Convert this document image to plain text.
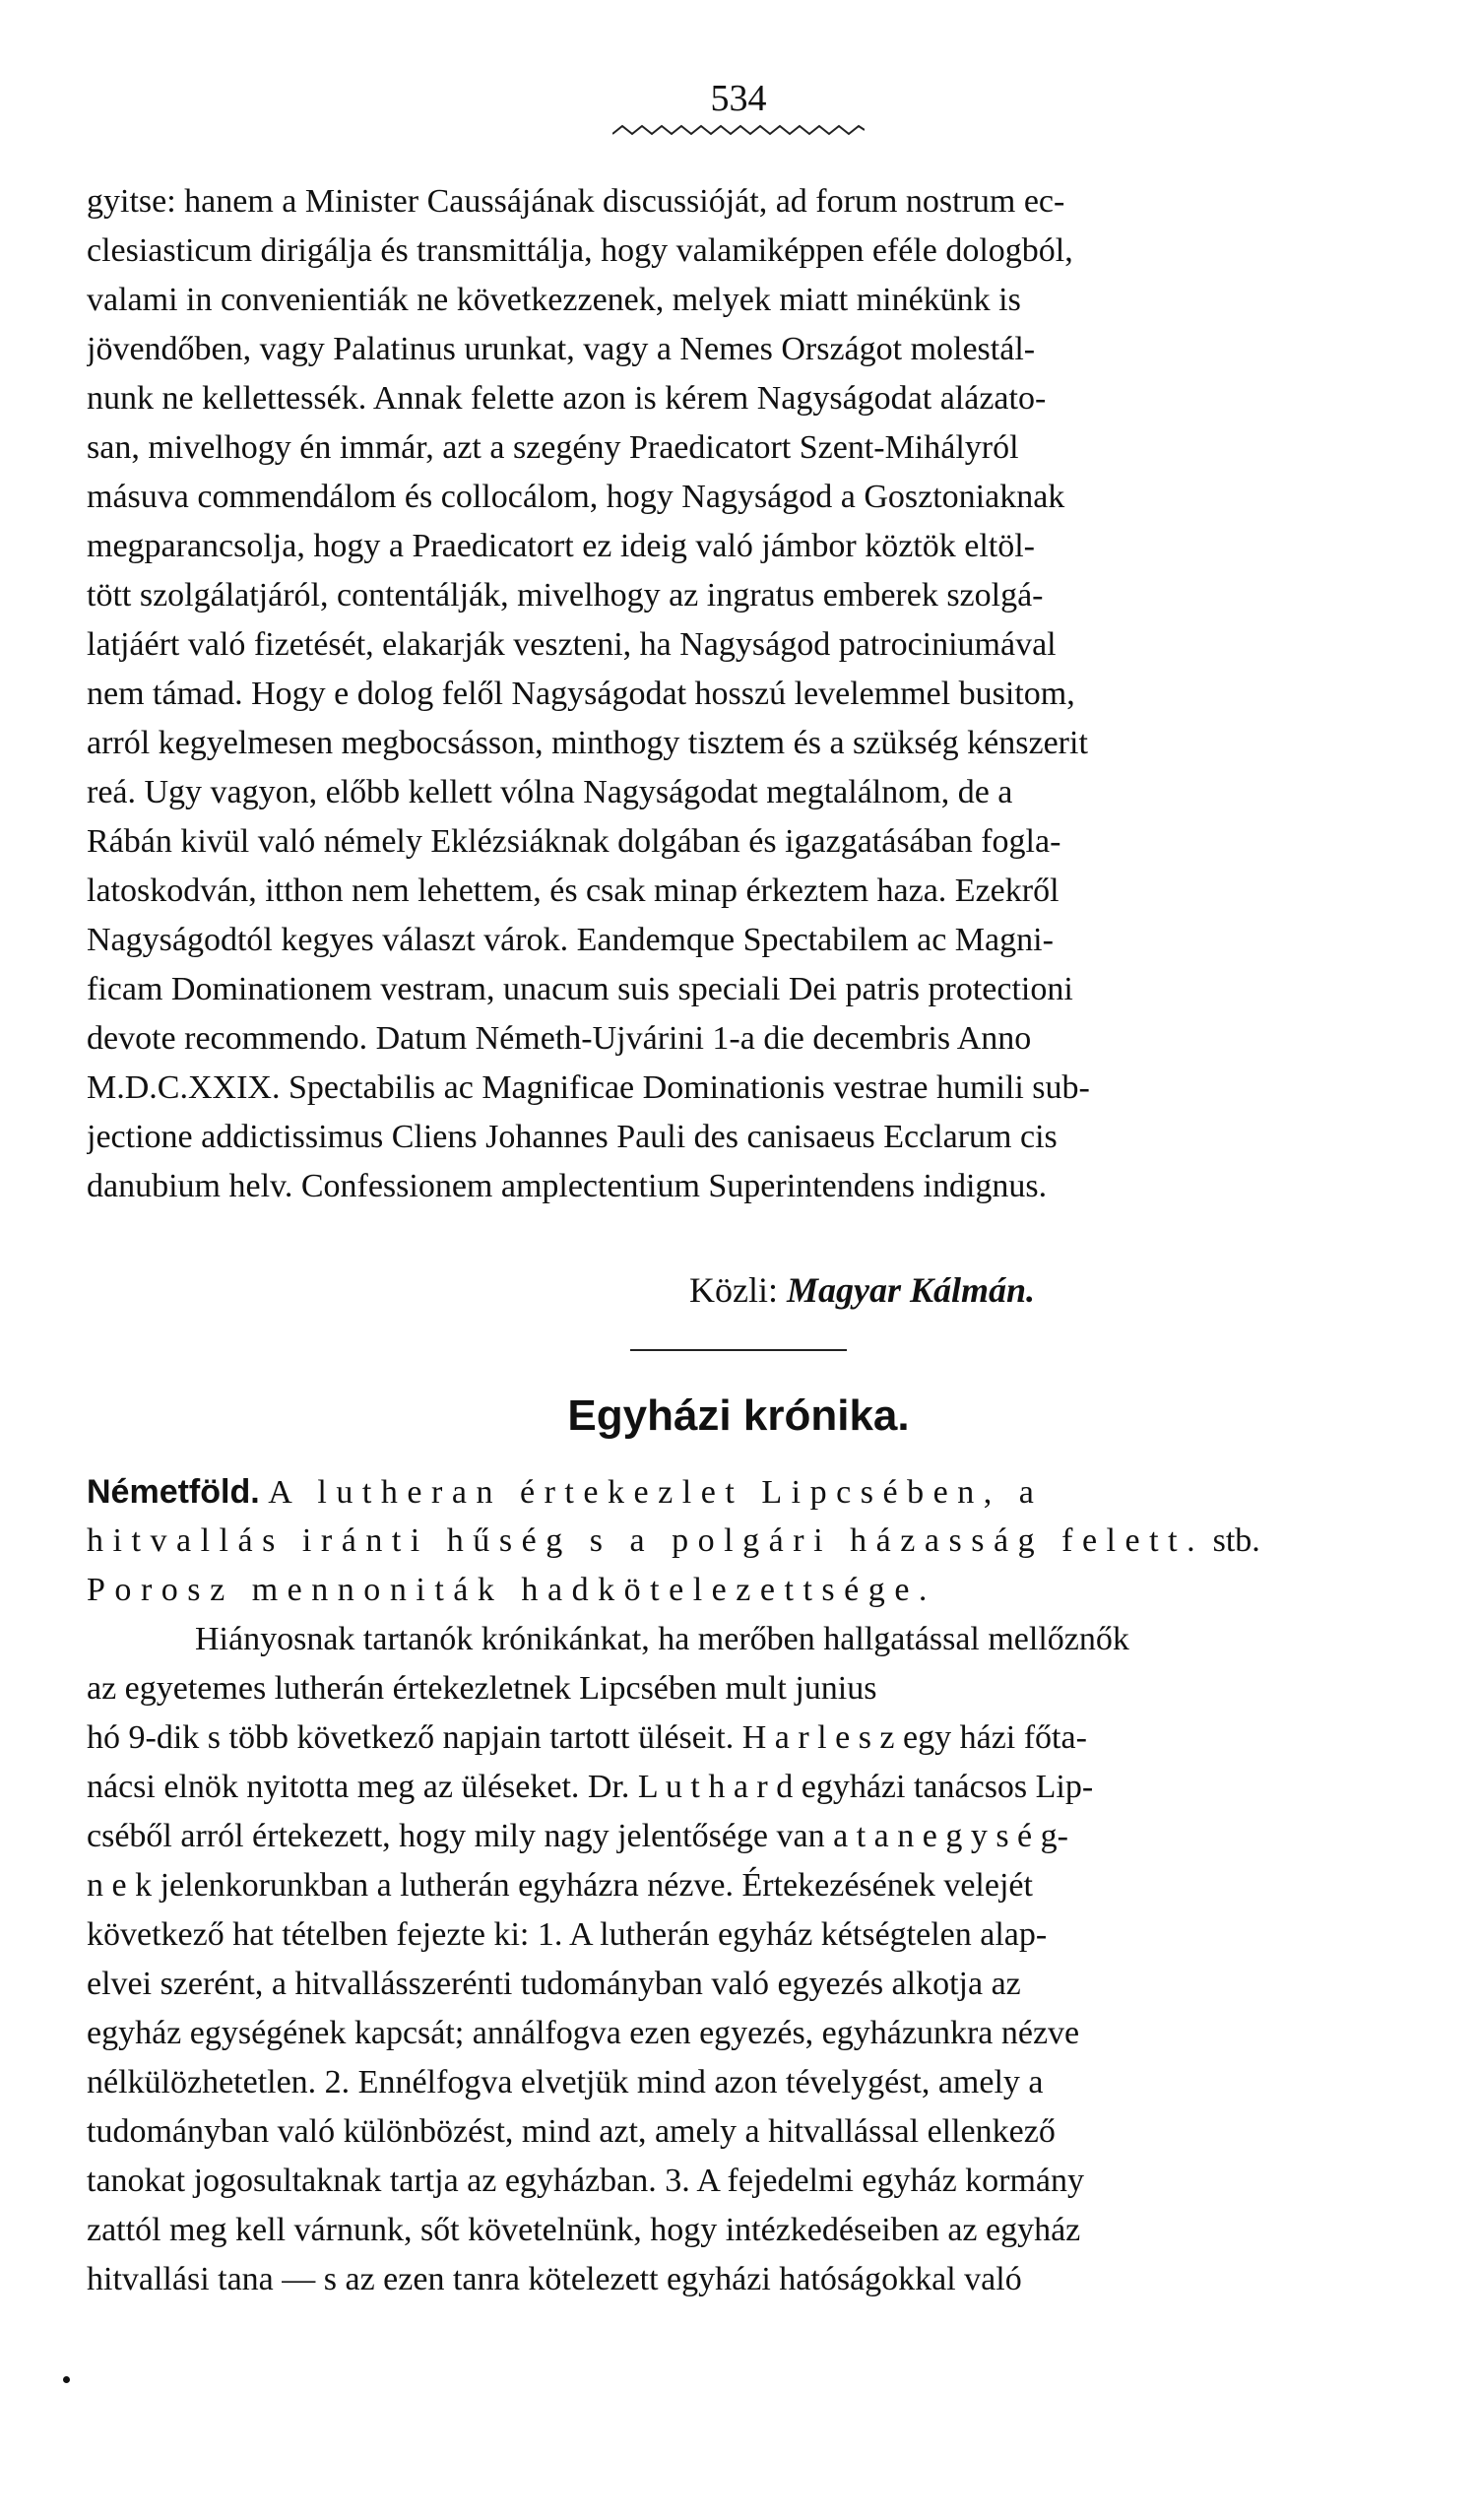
534
gyitse: hanem a Minister Caussájának discussióját, ad forum nostrum ec-
clesiasticum dirigálja és transmittálja, hogy valamiképpen eféle dologból,
valami in convenientiák ne következzenek, melyek miatt minékünk is
jövendőben, vagy Palatinus urunkat, vagy a Nemes Országot molestál-
nunk ne kellettessék. Annak felette azon is kérem Nagyságodat alázato-
san, mivelhogy én immár, azt a szegény Praedicatort Szent-Mihályról
másuva commendálom és collocálom, hogy Nagyságod a Gosztoniaknak
megparancsolja, hogy a Praedicatort ez ideig való jámbor köztök eltöl-
tött szolgálatjáról, contentálják, mivelhogy az ingratus emberek szolgá-
latjáért való fizetését, elakarják veszteni, ha Nagyságod patrociniumával
nem támad. Hogy e dolog felől Nagyságodat hosszú levelemmel busitom,
arról kegyelmesen megbocsásson, minthogy tisztem és a szükség kénszerit
reá. Ugy vagyon, előbb kellett vólna Nagyságodat megtalálnom, de a
Rábán kivül való némely Eklézsiáknak dolgában és igazgatásában fogla-
latoskodván, itthon nem lehettem, és csak minap érkeztem haza. Ezekről
Nagyságodtól kegyes választ várok. Eandemque Spectabilem ac Magni-
ficam Dominationem vestram, unacum suis speciali Dei patris protectioni
devote recommendo. Datum Németh-Ujvárini 1-a die decembris Anno
M.D.C.XXIX. Spectabilis ac Magnificae Dominationis vestrae humili sub-
jectione addictissimus Cliens Johannes Pauli des canisaeus Ecclarum cis
danubium helv. Confessionem amplectentium Superintendens indignus.
Közli: Magyar Kálmán.
Egyházi krónika.
Németföld. A lutheran értekezlet Lipcsében, a
hitvallás iránti hűség s a polgári házasság felett. stb.
Porosz mennoniták hadkötelezettsége.
Hiányosnak tartanók krónikánkat, ha merőben hallgatással mellőznők
az egyetemes lutherán értekezletnek Lipcsében mult junius
hó 9-dik s több következő napjain tartott üléseit. H a r l e s z egy házi főta-
nácsi elnök nyitotta meg az üléseket. Dr. L u t h a r d egyházi tanácsos Lip-
cséből arról értekezett, hogy mily nagy jelentősége van a t a n e g y s é g-
n e k jelenkorunkban a lutherán egyházra nézve. Értekezésének velejét
következő hat tételben fejezte ki: 1. A lutherán egyház kétségtelen alap-
elvei szerént, a hitvallásszerénti tudományban való egyezés alkotja az
egyház egységének kapcsát; annálfogva ezen egyezés, egyházunkra nézve
nélkülözhetetlen. 2. Ennélfogva elvetjük mind azon tévelygést, amely a
tudományban való különbözést, mind azt, amely a hitvallással ellenkező
tanokat jogosultaknak tartja az egyházban. 3. A fejedelmi egyház kormány
zattól meg kell várnunk, sőt követelnünk, hogy intézkedéseiben az egyház
hitvallási tana — s az ezen tanra kötelezett egyházi hatóságokkal való
